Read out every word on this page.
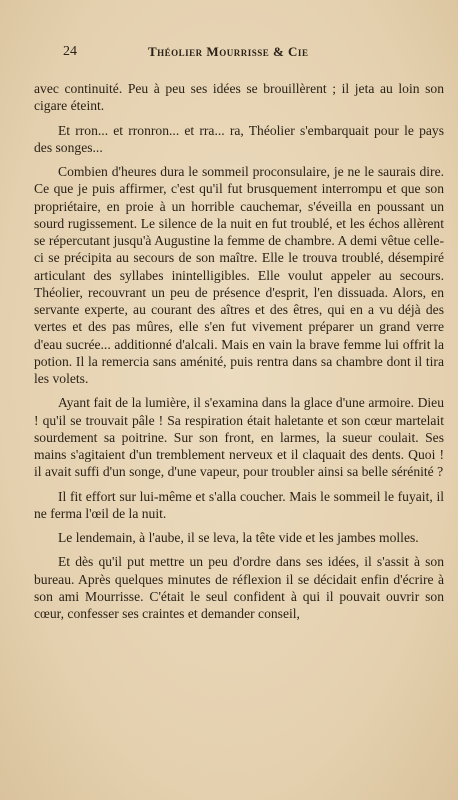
24	Théolier Mourrisse & Cie

avec continuité. Peu à peu ses idées se brouillèrent ; il jeta au loin son cigare éteint.

Et rron... et rronron... et rra... ra, Théolier s'embarquait pour le pays des songes...

Combien d'heures dura le sommeil proconsulaire, je ne le saurais dire. Ce que je puis affirmer, c'est qu'il fut brusquement interrompu et que son propriétaire, en proie à un horrible cauchemar, s'éveilla en poussant un sourd rugissement. Le silence de la nuit en fut troublé, et les échos allèrent se répercutant jusqu'à Augustine la femme de chambre. A demi vêtue celle-ci se précipita au secours de son maître. Elle le trouva troublé, désempiré articulant des syllabes inintelligibles. Elle voulut appeler au secours. Théolier, recouvrant un peu de présence d'esprit, l'en dissuada. Alors, en servante experte, au courant des aîtres et des êtres, qui en a vu déjà des vertes et des pas mûres, elle s'en fut vivement préparer un grand verre d'eau sucrée... additionné d'alcali. Mais en vain la brave femme lui offrit la potion. Il la remercia sans aménité, puis rentra dans sa chambre dont il tira les volets.

Ayant fait de la lumière, il s'examina dans la glace d'une armoire. Dieu ! qu'il se trouvait pâle ! Sa respiration était haletante et son cœur martelait sourdement sa poitrine. Sur son front, en larmes, la sueur coulait. Ses mains s'agitaient d'un tremblement nerveux et il claquait des dents. Quoi ! il avait suffi d'un songe, d'une vapeur, pour troubler ainsi sa belle sérénité ?

Il fit effort sur lui-même et s'alla coucher. Mais le sommeil le fuyait, il ne ferma l'œil de la nuit.

Le lendemain, à l'aube, il se leva, la tête vide et les jambes molles.

Et dès qu'il put mettre un peu d'ordre dans ses idées, il s'assit à son bureau. Après quelques minutes de réflexion il se décidait enfin d'écrire à son ami Mourrisse. C'était le seul confident à qui il pouvait ouvrir son cœur, confesser ses craintes et demander conseil,
